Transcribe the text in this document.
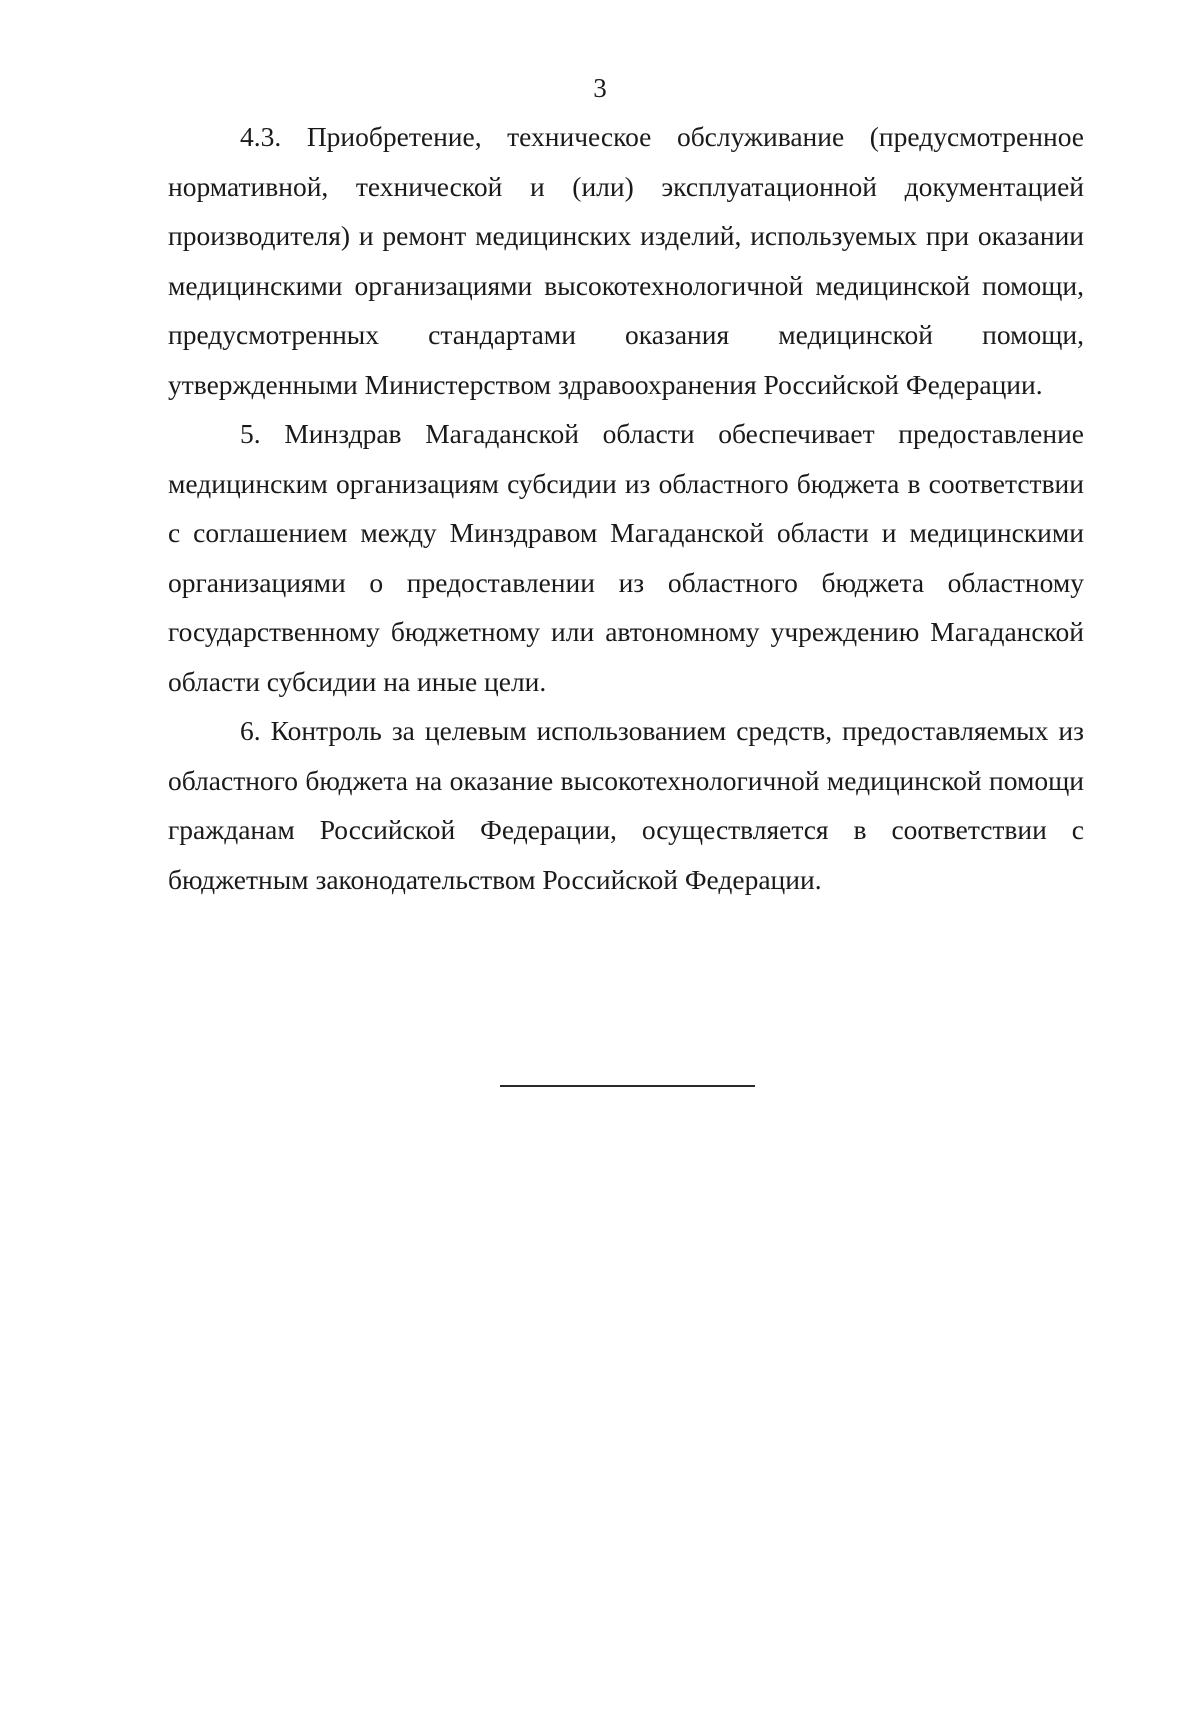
3

4.3. Приобретение, техническое обслуживание (предусмотренное нормативной, технической и (или) эксплуатационной документацией производителя) и ремонт медицинских изделий, используемых при оказании медицинскими организациями высокотехнологичной медицинской помощи, предусмотренных стандартами оказания медицинской помощи, утвержденными Министерством здравоохранения Российской Федерации.

5. Минздрав Магаданской области обеспечивает предоставление медицинским организациям субсидии из областного бюджета в соответствии с соглашением между Минздравом Магаданской области и медицинскими организациями о предоставлении из областного бюджета областному государственному бюджетному или автономному учреждению Магаданской области субсидии на иные цели.

6. Контроль за целевым использованием средств, предоставляемых из областного бюджета на оказание высокотехнологичной медицинской помощи гражданам Российской Федерации, осуществляется в соответствии с бюджетным законодательством Российской Федерации.
